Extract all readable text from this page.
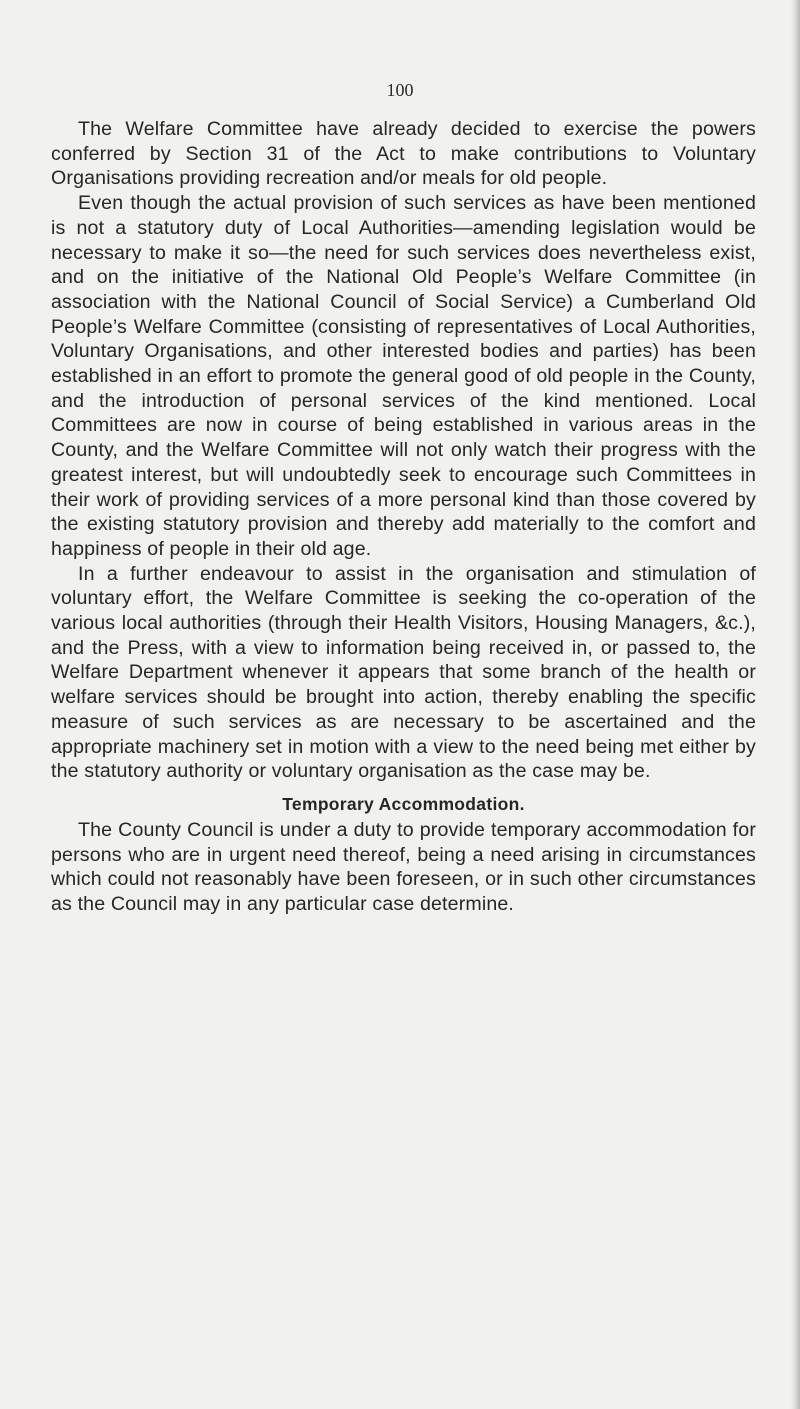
100

The Welfare Committee have already decided to exercise the powers conferred by Section 31 of the Act to make contributions to Voluntary Organisations providing recreation and/or meals for old people.

Even though the actual provision of such services as have been mentioned is not a statutory duty of Local Authorities—amending legislation would be necessary to make it so—the need for such services does nevertheless exist, and on the initiative of the National Old People’s Welfare Committee (in association with the National Council of Social Service) a Cumberland Old People’s Welfare Committee (consisting of representatives of Local Authorities, Voluntary Organisations, and other interested bodies and parties) has been established in an effort to promote the general good of old people in the County, and the introduction of personal services of the kind mentioned. Local Committees are now in course of being established in various areas in the County, and the Welfare Committee will not only watch their progress with the greatest interest, but will undoubtedly seek to encourage such Committees in their work of providing services of a more personal kind than those covered by the existing statutory provision and thereby add materially to the comfort and happiness of people in their old age.

In a further endeavour to assist in the organisation and stimulation of voluntary effort, the Welfare Committee is seeking the co-operation of the various local authorities (through their Health Visitors, Housing Managers, &c.), and the Press, with a view to information being received in, or passed to, the Welfare Department whenever it appears that some branch of the health or welfare services should be brought into action, thereby enabling the specific measure of such services as are necessary to be ascertained and the appropriate machinery set in motion with a view to the need being met either by the statutory authority or voluntary organisation as the case may be.

Temporary Accommodation.

The County Council is under a duty to provide temporary accommodation for persons who are in urgent need thereof, being a need arising in circumstances which could not reasonably have been foreseen, or in such other circumstances as the Council may in any particular case determine.
